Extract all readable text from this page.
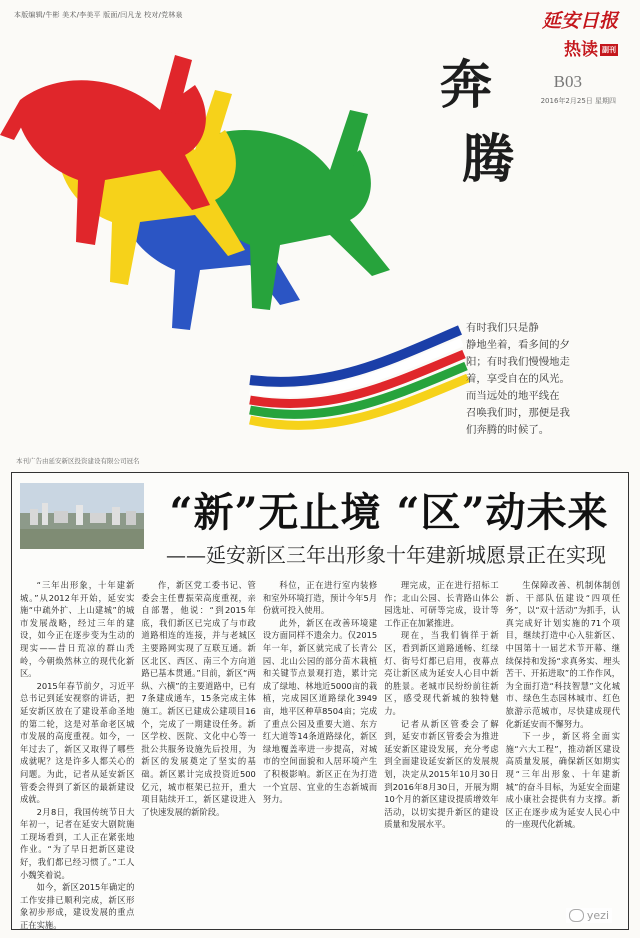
本版编辑/牛彬 美术/李美平 版面/闫凡龙 校对/党林泉	延安日报
热读 副刊
B03
2016年2月25日 星期四
奔
腾
有时我们只是静
静地坐着，看多间的夕
阳；有时我们慢慢地走
着，享受自在的风光。
而当远处的地平线在
召唤我们时，那便是我
们奔腾的时候了。
本刊广告由延安新区投资建设有限公司冠名
“新”无止境 “区”动未来
——延安新区三年出形象十年建新城愿景正在实现

“三年出形象，十年建新城。”从2012年开始，延安实施“中疏外扩、上山建城”的城市发展战略，经过三年的建设，如今正在逐步变为生动的现实——昔日荒凉的群山秃岭，今朝焕然林立的现代化新区。

2015年春节前夕，习近平总书记到延安视察的讲话，把延安新区放在了建设革命圣地的第二轮，这是对革命老区城市发展的高度重视。如今，一年过去了，新区又取得了哪些成就呢？这是许多人都关心的问题。为此，记者从延安新区管委会得到了新区的最新建设成就。

2月8日，我国传统节日大年初一，记者在延安大剧院施工现场看到，工人正在紧张地作业。“为了早日把新区建设好，我们都已经习惯了。”工人小魏笑着说。

如今，新区2015年确定的工作安排已顺利完成，新区形象初步形成，建设发展的重点正在实施。

作，新区党工委书记、管委会主任曹振荣高度重视，亲自部署，他说：“到2015年底，我们新区已完成了与市政道路相连的连接，并与老城区主要路网实现了互联互通。新区北区、西区、南三个方向道路已基本贯通。”目前，新区“两纵、六横”的主要道路中，已有7条建成通车，15条完成主体施工。新区已建成公建项目16个，完成了一期建设任务。新区学校、医院、文化中心等一批公共服务设施先后投用，为新区的发展奠定了坚实的基础。新区累计完成投资近500亿元，城市框架已拉开，重大项目陆续开工，新区建设进入了快速发展的新阶段。

科位，正在进行室内装修和室外环境打造，预计今年5月份就可投入使用。

此外，新区在改善环境建设方面同样不遗余力。仅2015年一年，新区就完成了长青公园、北山公园的部分苗木栽植和关键节点景观打造，累计完成了绿地、林地近5000亩的栽植，完成园区道路绿化3949亩，地平区种草8504亩；完成了重点公园及重要大道、东方红大道等14条道路绿化，新区绿地覆盖率进一步提高，对城市的空间面貌和人居环境产生了积极影响。新区正在为打造一个宜居、宜业的生态新城而努力。

理完成，正在进行招标工作；北山公园、长青路山体公园选址、可研等完成，设计等工作正在加紧推进。

现在，当我们徜徉于新区，看到新区道路通畅、红绿灯、街号灯都已启用，夜幕点亮让新区成为延安人心目中新的胜景。老城市民纷纷前往新区，感受现代新城的独特魅力。

记者从新区管委会了解到，延安市新区管委会为推进延安新区建设发展，充分考虑到全面建设延安新区的发展规划，决定从2015年10月30日到2016年8月30日，开展为期10个月的新区建设提质增效年活动，以切实提升新区的建设质量和发展水平。

生保障改善、机制体制创新、干部队伍建设“四项任务”，以“双十活动”为抓手，认真完成好计划实施的71个项目，继续打造中心入驻新区、中国第十一届艺术节开幕、继续保持和发扬“求真务实、埋头苦干、开拓进取”的工作作风，为全面打造“科技智慧”文化城市、绿色生态园林城市、红色旅游示范城市，尽快建成现代化新延安而不懈努力。

下一步，新区将全面实施“六大工程”，推动新区建设高质量发展，确保新区如期实现“三年出形象、十年建新城”的奋斗目标，为延安全面建成小康社会提供有力支撑。新区正在逐步成为延安人民心中的一座现代化新城。

yezi
